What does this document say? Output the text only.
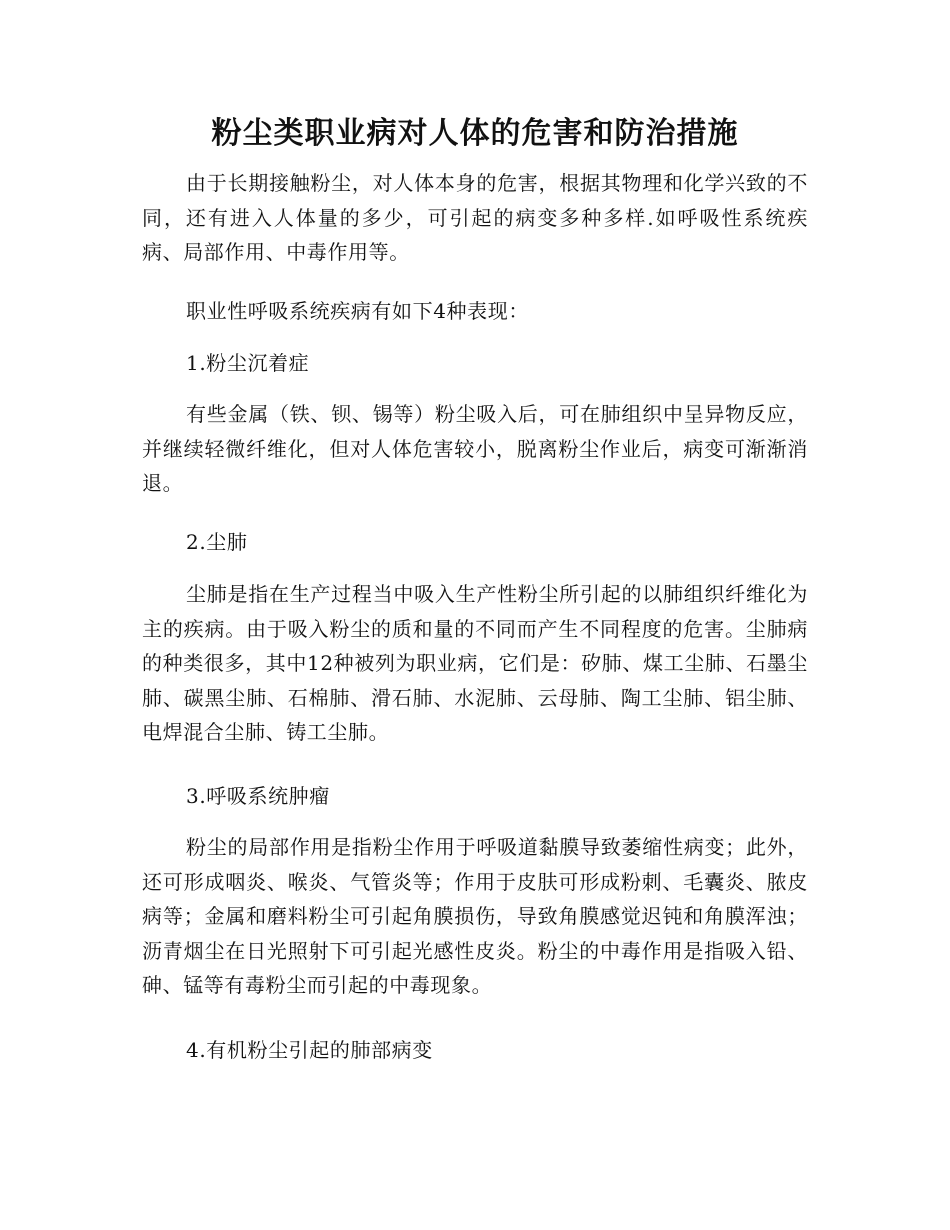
粉尘类职业病对人体的危害和防治措施

由于长期接触粉尘，对人体本身的危害，根据其物理和化学兴致的不同，还有进入人体量的多少，可引起的病变多种多样.如呼吸性系统疾病、局部作用、中毒作用等。

职业性呼吸系统疾病有如下4种表现：

1.粉尘沉着症

有些金属（铁、钡、锡等）粉尘吸入后，可在肺组织中呈异物反应，并继续轻微纤维化，但对人体危害较小，脱离粉尘作业后，病变可渐渐消退。

2.尘肺

尘肺是指在生产过程当中吸入生产性粉尘所引起的以肺组织纤维化为主的疾病。由于吸入粉尘的质和量的不同而产生不同程度的危害。尘肺病的种类很多，其中12种被列为职业病，它们是：矽肺、煤工尘肺、石墨尘肺、碳黑尘肺、石棉肺、滑石肺、水泥肺、云母肺、陶工尘肺、铝尘肺、电焊混合尘肺、铸工尘肺。

3.呼吸系统肿瘤

粉尘的局部作用是指粉尘作用于呼吸道黏膜导致萎缩性病变；此外，还可形成咽炎、喉炎、气管炎等；作用于皮肤可形成粉刺、毛囊炎、脓皮病等；金属和磨料粉尘可引起角膜损伤，导致角膜感觉迟钝和角膜浑浊；沥青烟尘在日光照射下可引起光感性皮炎。粉尘的中毒作用是指吸入铅、砷、锰等有毒粉尘而引起的中毒现象。

4.有机粉尘引起的肺部病变
